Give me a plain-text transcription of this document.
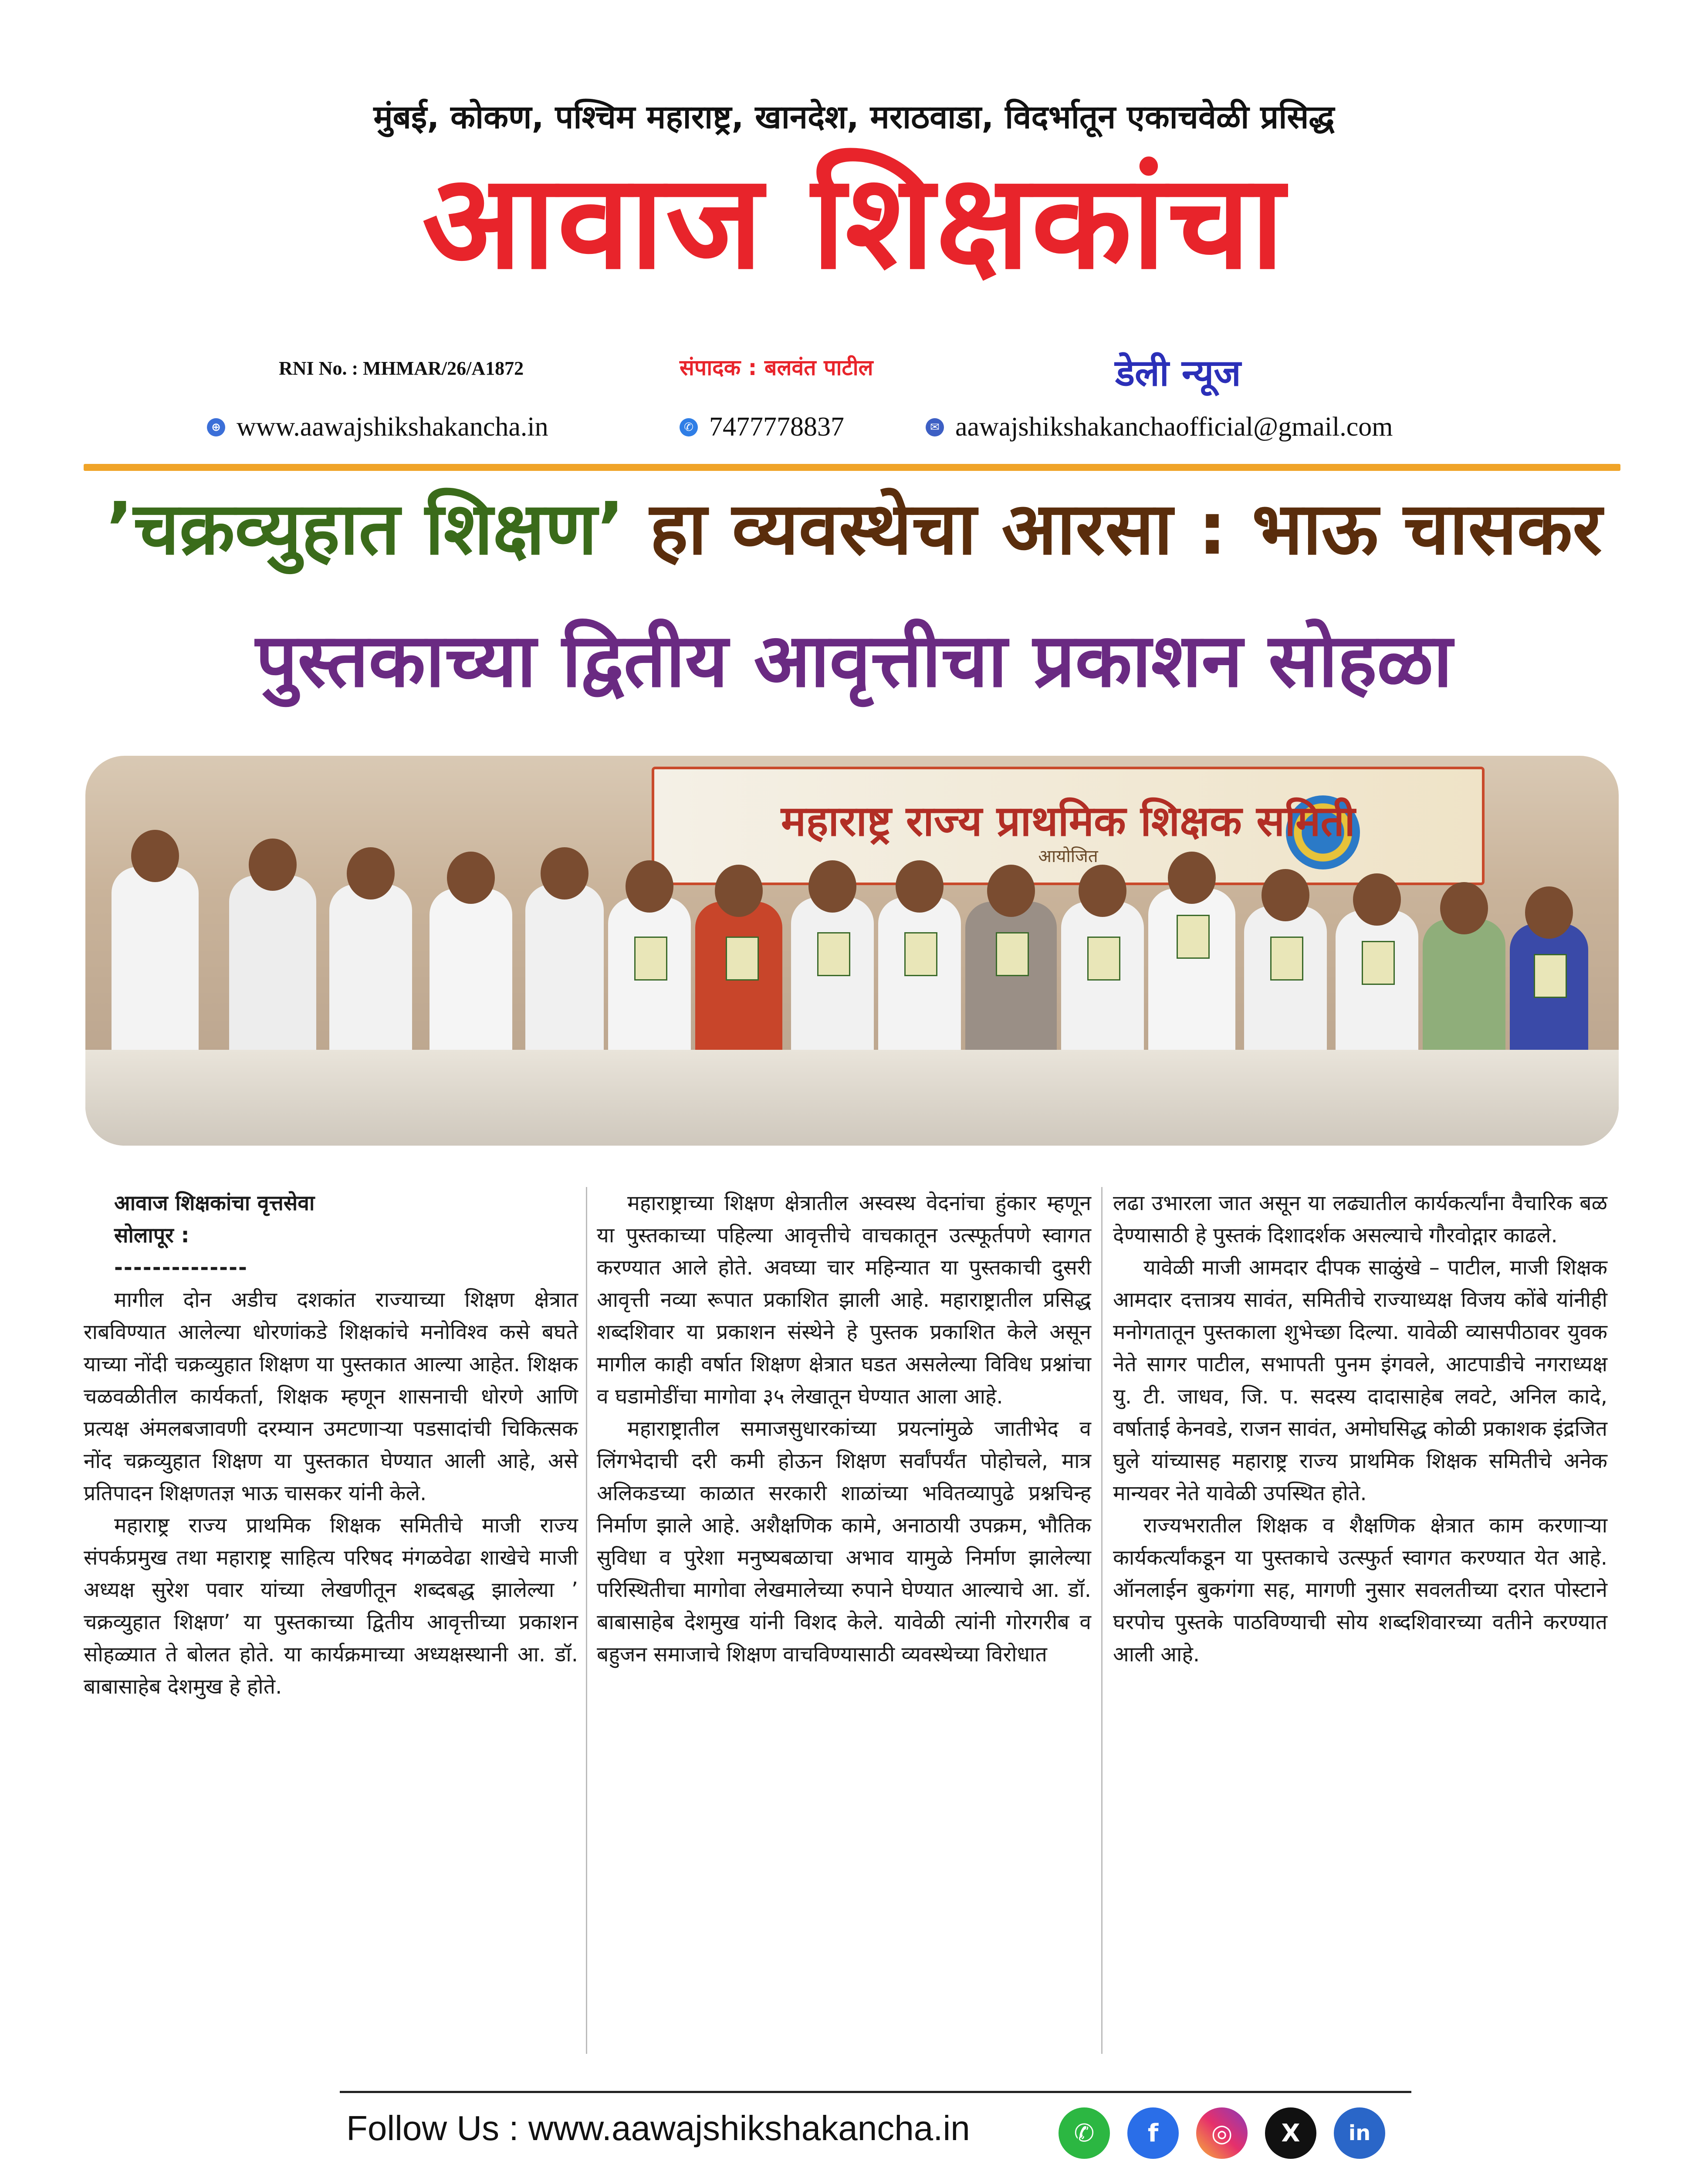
मुंबई, कोकण, पश्चिम महाराष्ट्र, खानदेश, मराठवाडा, विदर्भातून एकाचवेळी प्रसिद्ध
आवाज शिक्षकांचा
RNI No. : MHMAR/26/A1872	संपादक : बलवंत पाटील	डेली न्यूज
⊕ www.aawajshikshakancha.in	✆ 7477778837	✉ aawajshikshakanchaofficial@gmail.com
’चक्रव्युहात शिक्षण’ हा व्यवस्थेचा आरसा : भाऊ चासकर
पुस्तकाच्या द्वितीय आवृत्तीचा प्रकाशन सोहळा
महाराष्ट्र राज्य प्राथमिक शिक्षक समिती
आयोजित

आवाज शिक्षकांचा वृत्तसेवा

सोलापूर :

--------------

मागील दोन अडीच दशकांत राज्याच्या शिक्षण क्षेत्रात राबविण्यात आलेल्या धोरणांकडे शिक्षकांचे मनोविश्व कसे बघते याच्या नोंदी चक्रव्युहात शिक्षण या पुस्तकात आल्या आहेत. शिक्षक चळवळीतील कार्यकर्ता, शिक्षक म्हणून शासनाची धोरणे आणि प्रत्यक्ष अंमलबजावणी दरम्यान उमटणाऱ्या पडसादांची चिकित्सक नोंद चक्रव्युहात शिक्षण या पुस्तकात घेण्यात आली आहे, असे प्रतिपादन शिक्षणतज्ञ भाऊ चासकर यांनी केले.

महाराष्ट्र राज्य प्राथमिक शिक्षक समितीचे माजी राज्य संपर्कप्रमुख तथा महाराष्ट्र साहित्य परिषद मंगळवेढा शाखेचे माजी अध्यक्ष सुरेश पवार यांच्या लेखणीतून शब्दबद्ध झालेल्या ’ चक्रव्युहात शिक्षण’ या पुस्तकाच्या द्वितीय आवृत्तीच्या प्रकाशन सोहळ्यात ते बोलत होते. या कार्यक्रमाच्या अध्यक्षस्थानी आ. डॉ. बाबासाहेब देशमुख हे होते.

महाराष्ट्राच्या शिक्षण क्षेत्रातील अस्वस्थ वेदनांचा हुंकार म्हणून या पुस्तकाच्या पहिल्या आवृत्तीचे वाचकातून उत्स्फूर्तपणे स्वागत करण्यात आले होते. अवघ्या चार महिन्यात या पुस्तकाची दुसरी आवृत्ती नव्या रूपात प्रकाशित झाली आहे. महाराष्ट्रातील प्रसिद्ध शब्दशिवार या प्रकाशन संस्थेने हे पुस्तक प्रकाशित केले असून मागील काही वर्षात शिक्षण क्षेत्रात घडत असलेल्या विविध प्रश्नांचा व घडामोडींचा मागोवा ३५ लेखातून घेण्यात आला आहे.

महाराष्ट्रातील समाजसुधारकांच्या प्रयत्नांमुळे जातीभेद व लिंगभेदाची दरी कमी होऊन शिक्षण सर्वांपर्यंत पोहोचले, मात्र अलिकडच्या काळात सरकारी शाळांच्या भवितव्यापुढे प्रश्नचिन्ह निर्माण झाले आहे. अशैक्षणिक कामे, अनाठायी उपक्रम, भौतिक सुविधा व पुरेशा मनुष्यबळाचा अभाव यामुळे निर्माण झालेल्या परिस्थितीचा मागोवा लेखमालेच्या रुपाने घेण्यात आल्याचे आ. डॉ. बाबासाहेब देशमुख यांनी विशद केले. यावेळी त्यांनी गोरगरीब व बहुजन समाजाचे शिक्षण वाचविण्यासाठी व्यवस्थेच्या विरोधात

लढा उभारला जात असून या लढ्यातील कार्यकर्त्यांना वैचारिक बळ देण्यासाठी हे पुस्तकं दिशादर्शक असल्याचे गौरवोद्गार काढले.

यावेळी माजी आमदार दीपक साळुंखे – पाटील, माजी शिक्षक आमदार दत्तात्रय सावंत, समितीचे राज्याध्यक्ष विजय कोंबे यांनीही मनोगतातून पुस्तकाला शुभेच्छा दिल्या. यावेळी व्यासपीठावर युवक नेते सागर पाटील, सभापती पुनम इंगवले, आटपाडीचे नगराध्यक्ष यु. टी. जाधव, जि. प. सदस्य दादासाहेब लवटे, अनिल कादे, वर्षाताई केनवडे, राजन सावंत, अमोघसिद्ध कोळी प्रकाशक इंद्रजित घुले यांच्यासह महाराष्ट्र राज्य प्राथमिक शिक्षक समितीचे अनेक मान्यवर नेते यावेळी उपस्थित होते.

राज्यभरातील शिक्षक व शैक्षणिक क्षेत्रात काम करणाऱ्या कार्यकर्त्यांकडून या पुस्तकाचे उत्स्फुर्त स्वागत करण्यात येत आहे. ऑनलाईन बुकगंगा सह, मागणी नुसार सवलतीच्या दरात पोस्टाने घरपोच पुस्तके पाठविण्याची सोय शब्दशिवारच्या वतीने करण्यात आली आहे.

Follow Us : www.aawajshikshakancha.in	✆	f	◎	X	in
